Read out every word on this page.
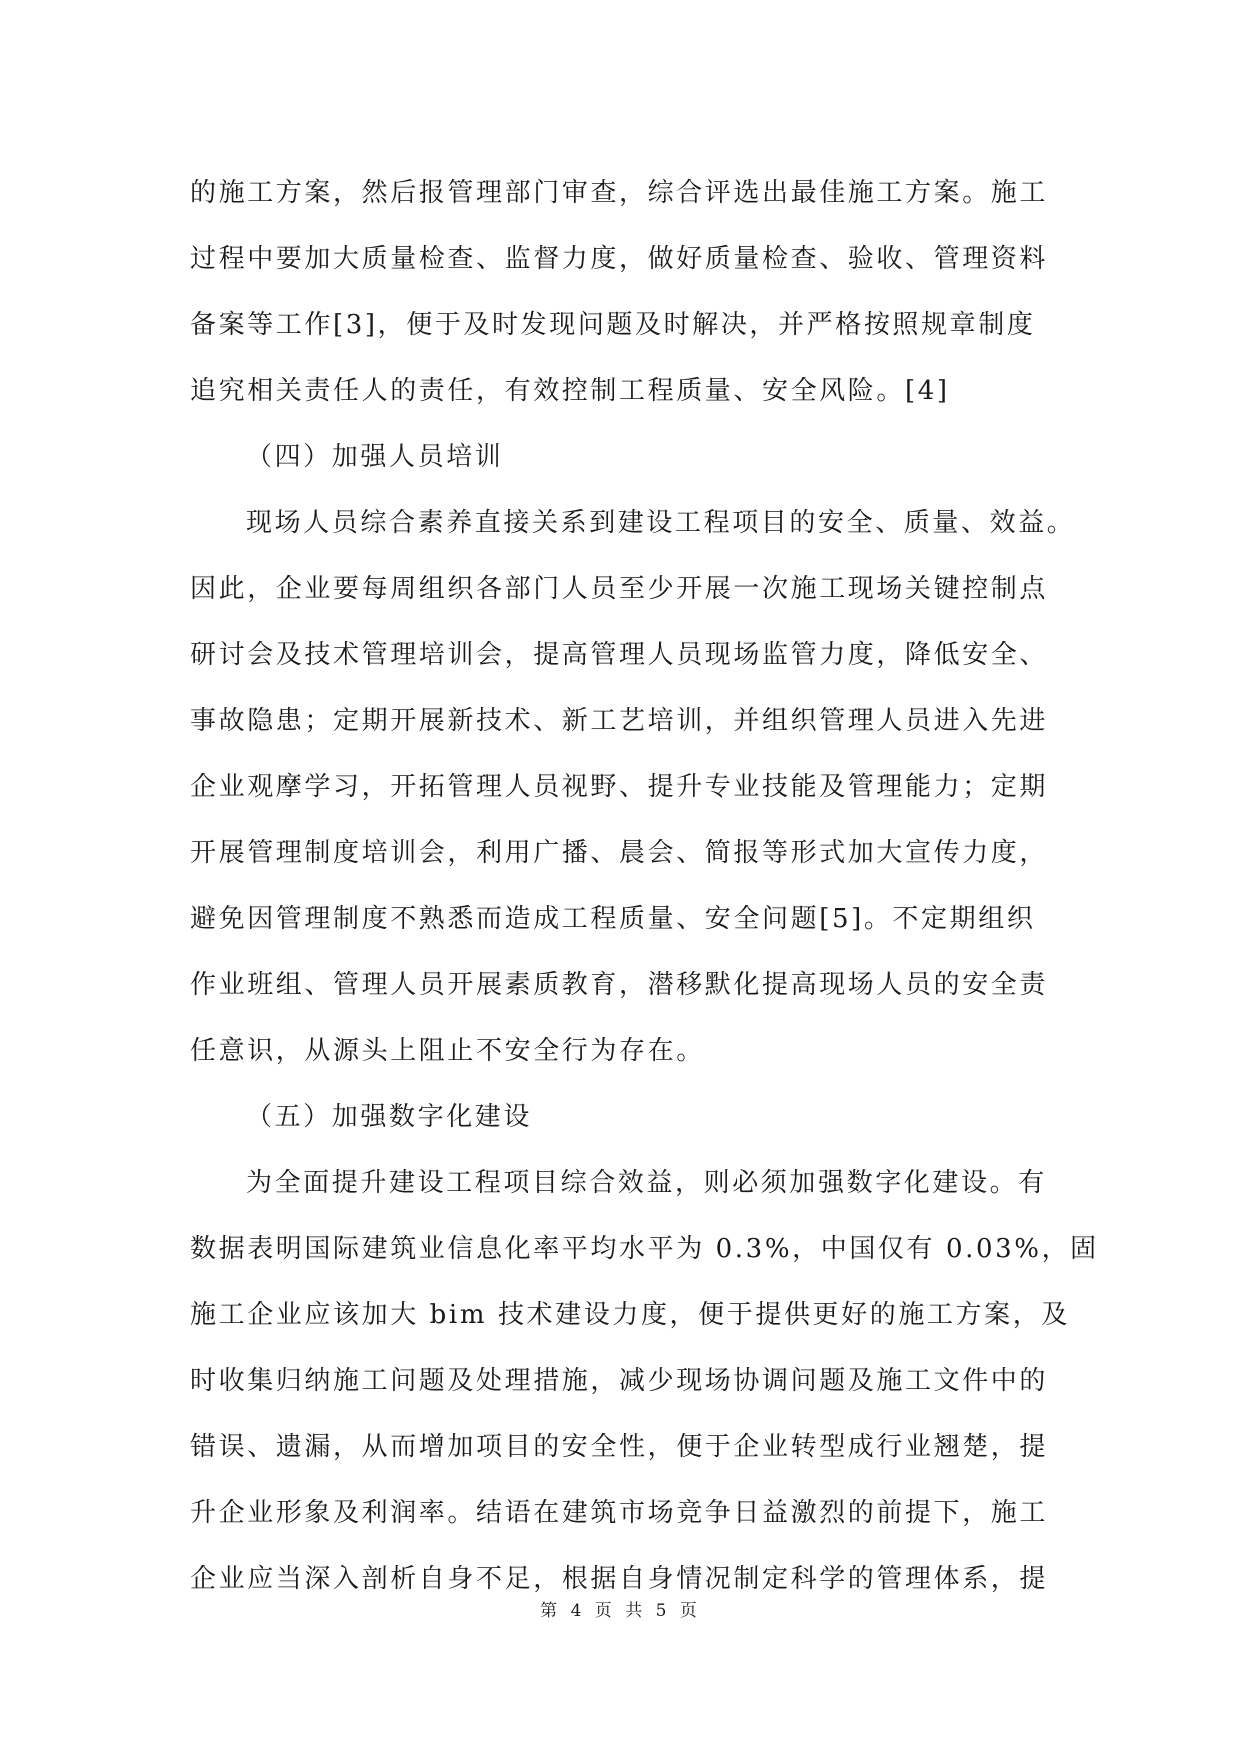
的施工方案，然后报管理部门审查，综合评选出最佳施工方案。施工

过程中要加大质量检查、监督力度，做好质量检查、验收、管理资料

备案等工作[3]，便于及时发现问题及时解决，并严格按照规章制度

追究相关责任人的责任，有效控制工程质量、安全风险。[4]

（四）加强人员培训

现场人员综合素养直接关系到建设工程项目的安全、质量、效益。

因此，企业要每周组织各部门人员至少开展一次施工现场关键控制点

研讨会及技术管理培训会，提高管理人员现场监管力度，降低安全、

事故隐患；定期开展新技术、新工艺培训，并组织管理人员进入先进

企业观摩学习，开拓管理人员视野、提升专业技能及管理能力；定期

开展管理制度培训会，利用广播、晨会、简报等形式加大宣传力度，

避免因管理制度不熟悉而造成工程质量、安全问题[5]。不定期组织

作业班组、管理人员开展素质教育，潜移默化提高现场人员的安全责

任意识，从源头上阻止不安全行为存在。

（五）加强数字化建设

为全面提升建设工程项目综合效益，则必须加强数字化建设。有

数据表明国际建筑业信息化率平均水平为 0.3%，中国仅有 0.03%，固

施工企业应该加大 bim 技术建设力度，便于提供更好的施工方案，及

时收集归纳施工问题及处理措施，减少现场协调问题及施工文件中的

错误、遗漏，从而增加项目的安全性，便于企业转型成行业翘楚，提

升企业形象及利润率。结语在建筑市场竞争日益激烈的前提下，施工

企业应当深入剖析自身不足，根据自身情况制定科学的管理体系，提

第 4 页 共 5 页
